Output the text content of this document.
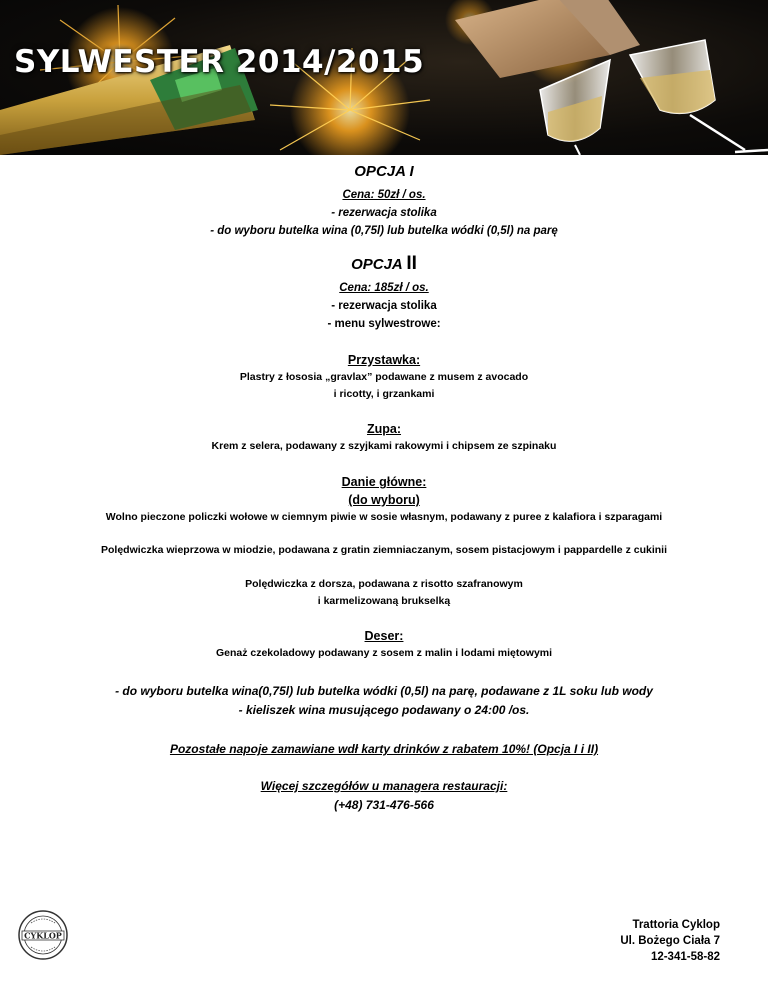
SYLWESTER 2014/2015
OPCJA I
Cena: 50zł / os.
- rezerwacja stolika
- do wyboru butelka wina (0,75l) lub butelka wódki (0,5l) na parę
OPCJA II
Cena: 185zł / os.
- rezerwacja stolika
- menu sylwestrowe:
Przystawka:
Plastry z łososia „gravlax” podawane z musem z avocado
i ricotty, i grzankami
Zupa:
Krem z selera, podawany z szyjkami rakowymi i chipsem ze szpinaku
Danie główne:
(do wyboru)
Wolno pieczone policzki wołowe w ciemnym piwie w sosie własnym, podawany z puree z kalafiora i szparagami
Polędwiczka wieprzowa w miodzie, podawana z gratin ziemniaczanym, sosem pistacjowym i pappardelle z cukinii
Polędwiczka z dorsza, podawana z risotto szafranowym
i karmelizowaną brukselką
Deser:
Genaż czekoladowy podawany z sosem z malin i lodami miętowymi
- do wyboru butelka wina(0,75l) lub butelka wódki (0,5l) na parę, podawane z 1L soku lub wody
- kieliszek wina musującego podawany o 24:00 /os.
Pozostałe napoje zamawiane wdł karty drinków z rabatem 10%! (Opcja I i II)
Więcej szczegółów u managera restauracji:
(+48) 731-476-566
CYKLOP
Trattoria Cyklop
Ul. Bożego Ciała 7
12-341-58-82
